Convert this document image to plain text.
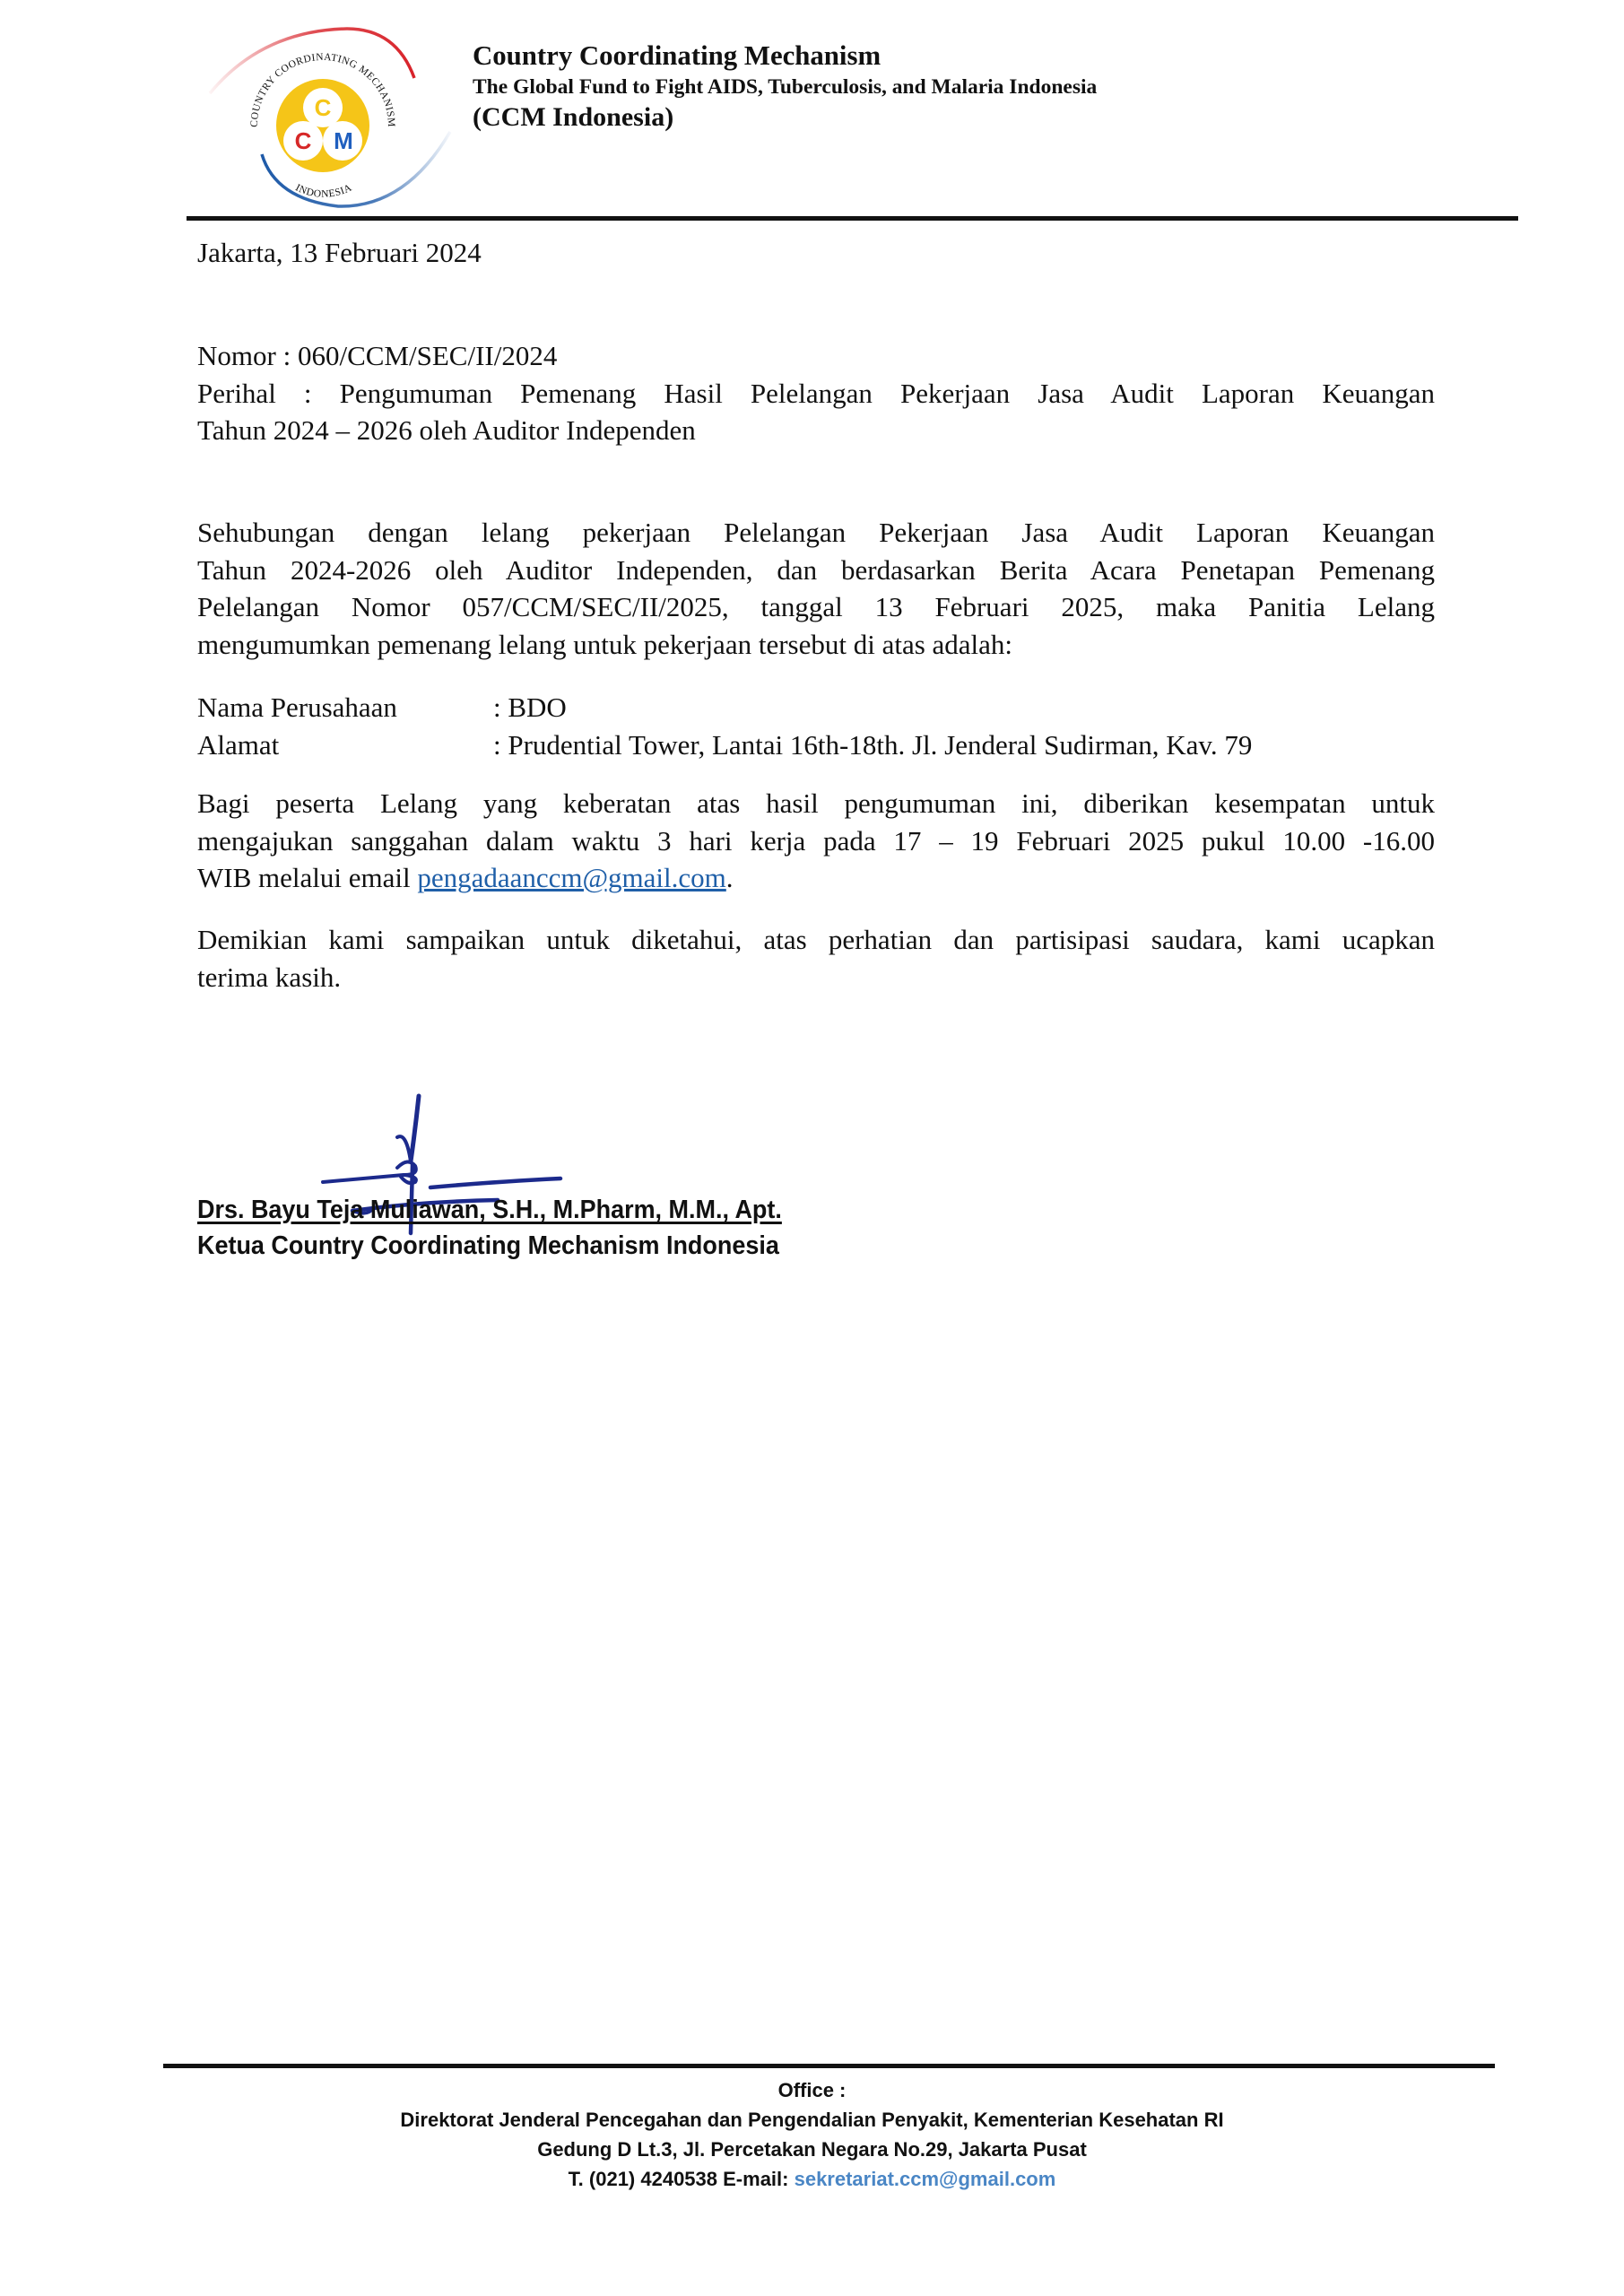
C
C M
COUNTRY COORDINATING MECHANISM
INDONESIA
Country Coordinating Mechanism
The Global Fund to Fight AIDS, Tuberculosis, and Malaria Indonesia
(CCM Indonesia)
Jakarta, 13 Februari 2024
Nomor : 060/CCM/SEC/II/2024
Perihal : Pengumuman Pemenang Hasil Pelelangan Pekerjaan Jasa Audit Laporan Keuangan
Tahun 2024 – 2026 oleh Auditor Independen
Sehubungan dengan lelang pekerjaan Pelelangan Pekerjaan Jasa Audit Laporan Keuangan
Tahun 2024-2026 oleh Auditor Independen, dan berdasarkan Berita Acara Penetapan Pemenang
Pelelangan Nomor 057/CCM/SEC/II/2025, tanggal 13 Februari 2025, maka Panitia Lelang
mengumumkan pemenang lelang untuk pekerjaan tersebut di atas adalah:
Nama Perusahaan	: BDO
Alamat	: Prudential Tower, Lantai 16th-18th. Jl. Jenderal Sudirman, Kav. 79
Bagi peserta Lelang yang keberatan atas hasil pengumuman ini, diberikan kesempatan untuk
mengajukan sanggahan dalam waktu 3 hari kerja pada 17 – 19 Februari 2025 pukul 10.00 -16.00
WIB melalui email pengadaanccm@gmail.com.
Demikian kami sampaikan untuk diketahui, atas perhatian dan partisipasi saudara, kami ucapkan
terima kasih.
Drs. Bayu Teja Muliawan, S.H., M.Pharm, M.M., Apt.
Ketua Country Coordinating Mechanism Indonesia
Office :
Direktorat Jenderal Pencegahan dan Pengendalian Penyakit, Kementerian Kesehatan RI
Gedung D Lt.3, Jl. Percetakan Negara No.29, Jakarta Pusat
T. (021) 4240538 E-mail: sekretariat.ccm@gmail.com
